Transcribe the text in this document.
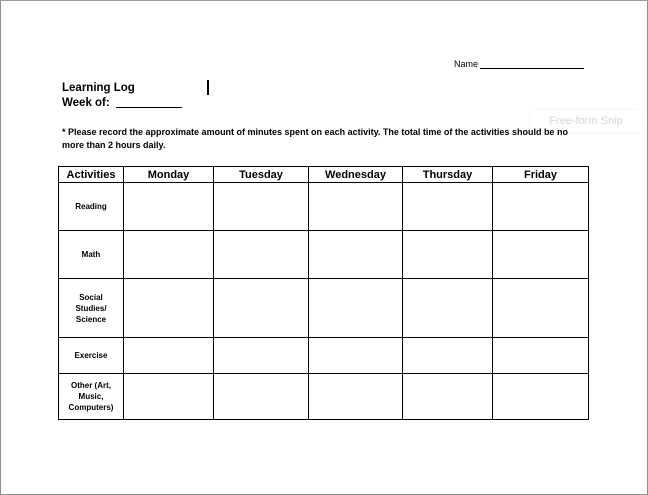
Name
Free-form Snip
Learning Log
Week of:
* Please record the approximate amount of minutes spent on each activity. The total time of the activities should be no more than 2 hours daily.
Activities	Monday	Tuesday	Wednesday	Thursday	Friday
Reading					
Math					
Social Studies/ Science					
Exercise					
Other (Art, Music, Computers)					
